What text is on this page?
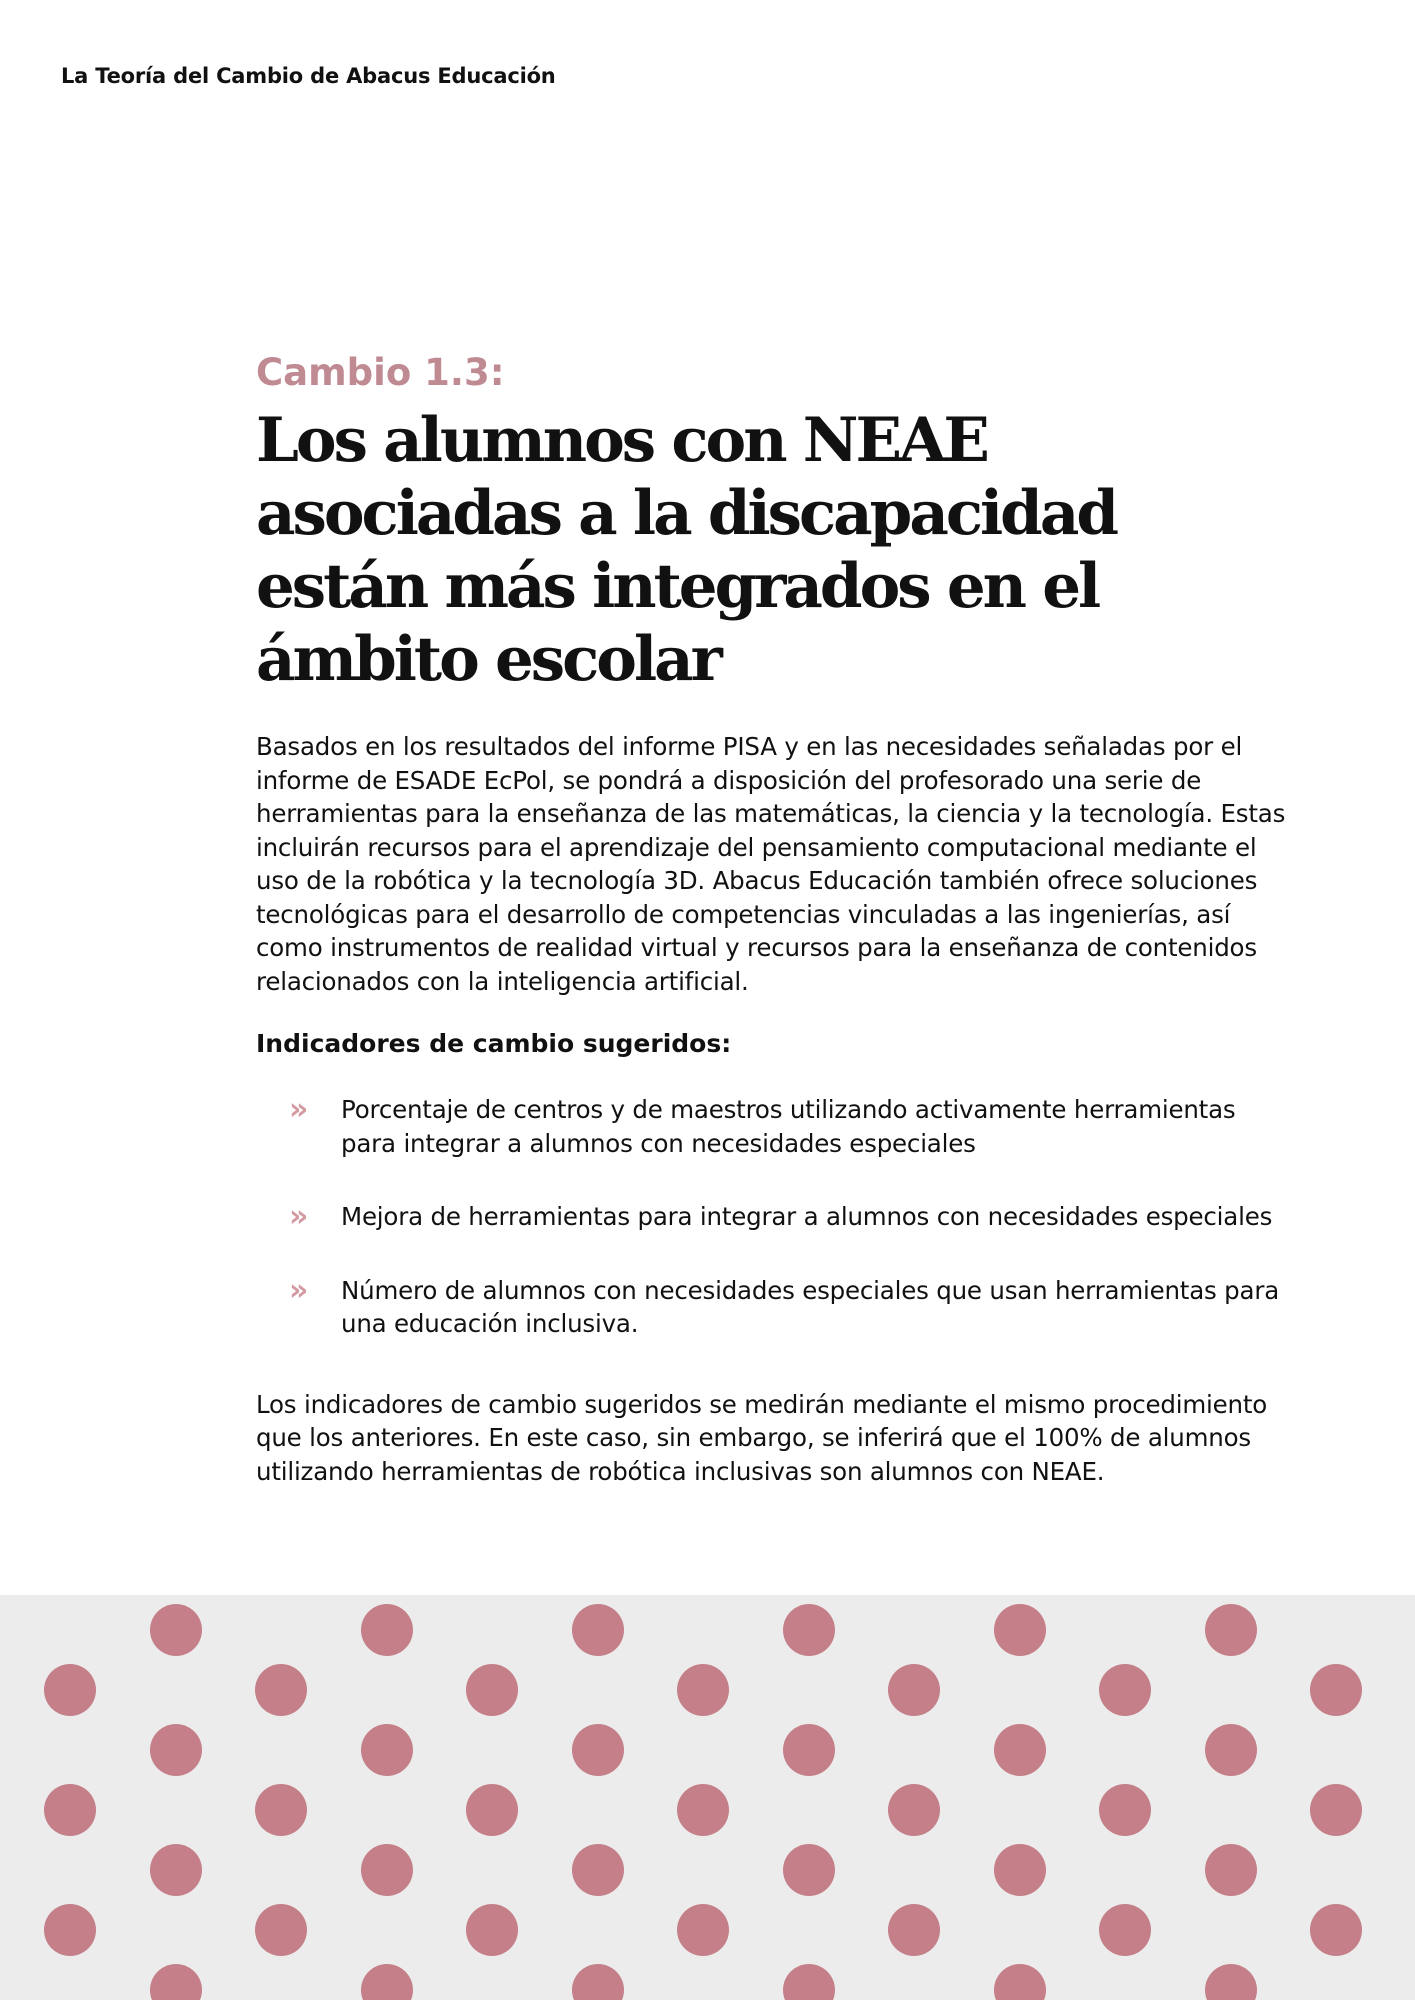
La Teoría del Cambio de Abacus Educación

Cambio 1.3:

Los alumnos con NEAE asociadas a la discapacidad están más integrados en el ámbito escolar

Basados en los resultados del informe PISA y en las necesidades señaladas por el informe de ESADE EcPol, se pondrá a disposición del profesorado una serie de herramientas para la enseñanza de las matemáticas, la ciencia y la tecnología. Estas incluirán recursos para el aprendizaje del pensamiento computacional mediante el uso de la robótica y la tecnología 3D. Abacus Educación también ofrece soluciones tecnológicas para el desarrollo de competencias vinculadas a las ingenierías, así como instrumentos de realidad virtual y recursos para la enseñanza de contenidos relacionados con la inteligencia artificial.

Indicadores de cambio sugeridos:

» Porcentaje de centros y de maestros utilizando activamente herramientas para integrar a alumnos con necesidades especiales
» Mejora de herramientas para integrar a alumnos con necesidades especiales
» Número de alumnos con necesidades especiales que usan herramientas para una educación inclusiva.

Los indicadores de cambio sugeridos se medirán mediante el mismo procedimiento que los anteriores. En este caso, sin embargo, se inferirá que el 100% de alumnos utilizando herramientas de robótica inclusivas son alumnos con NEAE.
